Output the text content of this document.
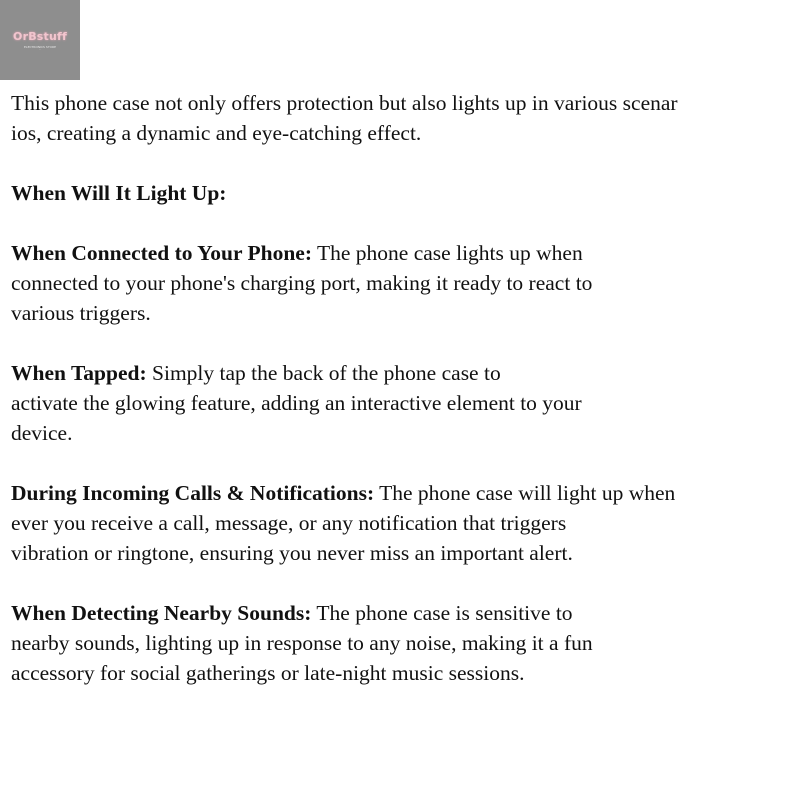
OrBstuff
ELECTRONICS STORE
···

This phone case not only offers protection but also lights up in various scenar
ios, creating a dynamic and eye-catching effect.

When Will It Light Up:

When Connected to Your Phone: The phone case lights up when
connected to your phone's charging port, making it ready to react to
various triggers.

When Tapped: Simply tap the back of the phone case to
activate the glowing feature, adding an interactive element to your
device.

During Incoming Calls & Notifications: The phone case will light up when
ever you receive a call, message, or any notification that triggers
vibration or ringtone, ensuring you never miss an important alert.

When Detecting Nearby Sounds: The phone case is sensitive to
nearby sounds, lighting up in response to any noise, making it a fun
accessory for social gatherings or late-night music sessions.
